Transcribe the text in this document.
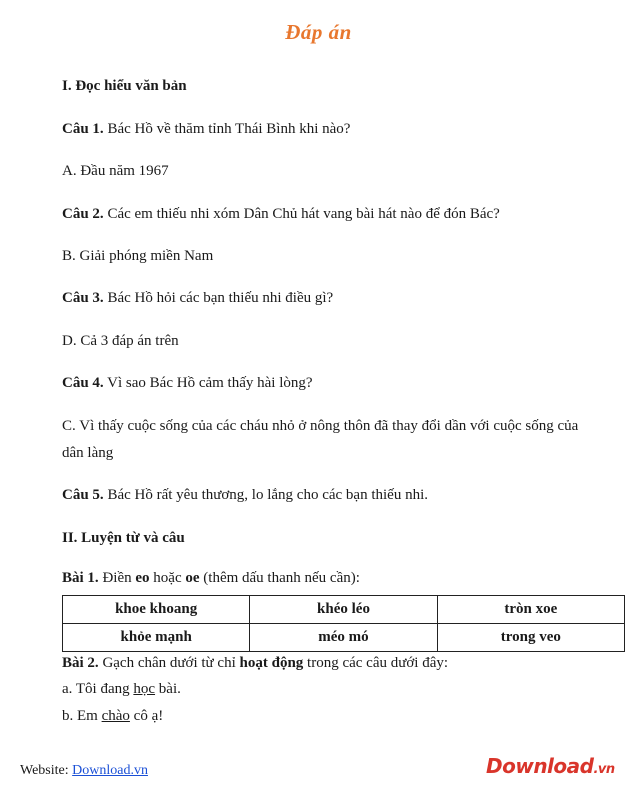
Đáp án
I. Đọc hiểu văn bản
Câu 1. Bác Hồ về thăm tỉnh Thái Bình khi nào?
A. Đầu năm 1967
Câu 2. Các em thiếu nhi xóm Dân Chủ hát vang bài hát nào để đón Bác?
B. Giải phóng miền Nam
Câu 3. Bác Hồ hỏi các bạn thiếu nhi điều gì?
D. Cả 3 đáp án trên
Câu 4. Vì sao Bác Hồ cảm thấy hài lòng?
C. Vì thấy cuộc sống của các cháu nhỏ ở nông thôn đã thay đổi dần với cuộc sống của dân làng
Câu 5. Bác Hồ rất yêu thương, lo lắng cho các bạn thiếu nhi.
II. Luyện từ và câu
Bài 1. Điền eo hoặc oe (thêm dấu thanh nếu cần):
khoe khoang	khéo léo	tròn xoe
khỏe mạnh	méo mó	trong veo
Bài 2. Gạch chân dưới từ chỉ hoạt động trong các câu dưới đây:
a. Tôi đang học bài.
b. Em chào cô ạ!
Website: Download.vn	Download.vn
